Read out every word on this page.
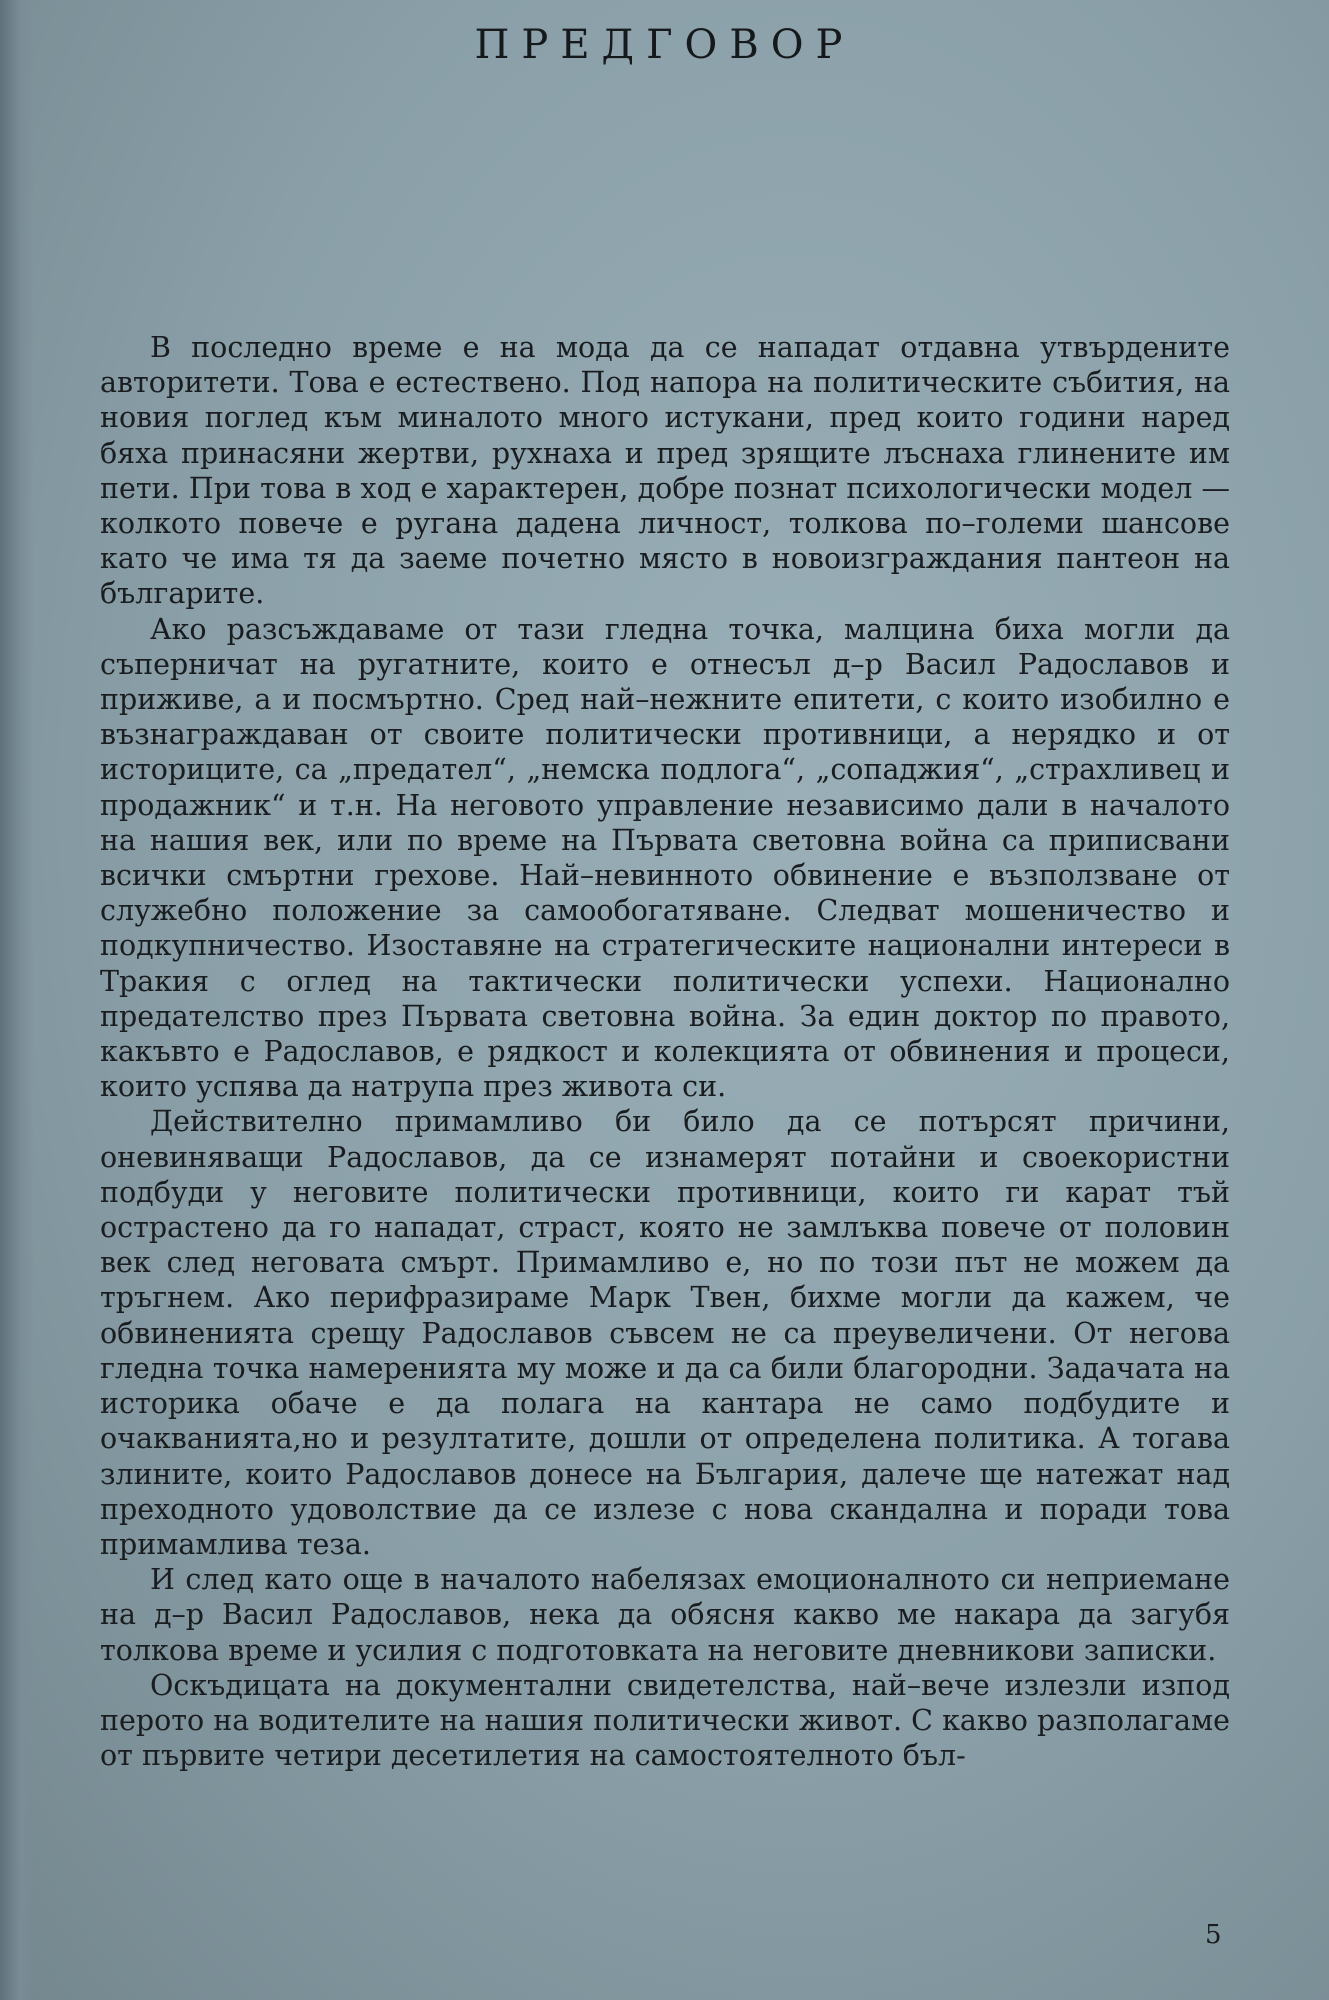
ПРЕДГОВОР

В последно време е на мода да се нападат отдавна утвърдените авторитети. Това е естествено. Под напора на политическите събития, на новия поглед към миналото много истукани, пред които години наред бяха принасяни жертви, рухнаха и пред зрящите лъснаха глинените им пети. При това в ход е характерен, добре познат психологически модел — колкото повече е ругана дадена личност, толкова по–големи шансове като че има тя да заеме почетно място в новоизграждания пантеон на българите.

Ако разсъждаваме от тази гледна точка, малцина биха могли да съперничат на ругатните, които е отнесъл д–р Васил Радославов и приживе, а и посмъртно. Сред най–нежните епитети, с които изобилно е възнаграждаван от своите политически противници, а нерядко и от историците, са „предател“, „немска подлога“, „сопаджия“, „страхливец и продажник“ и т.н. На неговото управление независимо дали в началото на нашия век, или по време на Първата световна война са приписвани всички смъртни грехове. Най–невинното обвинение е възползване от служебно положение за самообогатяване. Следват мошеничество и подкупничество. Изоставяне на стратегическите национални интереси в Тракия с оглед на тактически политически успехи. Национално предателство през Първата световна война. За един доктор по правото, какъвто е Радославов, е рядкост и колекцията от обвинения и процеси, които успява да натрупа през живота си.

Действително примамливо би било да се потърсят причини, оневиняващи Радославов, да се изнамерят потайни и своекористни подбуди у неговите политически противници, които ги карат тъй острастено да го нападат, страст, която не замлъква повече от половин век след неговата смърт. Примамливо е, но по този път не можем да тръгнем. Ако перифразираме Марк Твен, бихме могли да кажем, че обвиненията срещу Радославов съвсем не са преувеличени. От негова гледна точка намеренията му може и да са били благородни. Задачата на историка обаче е да полага на кантара не само подбудите и очакванията,но и резултатите, дошли от определена политика. А тогава злините, които Радославов донесе на България, далече ще натежат над преходното удоволствие да се излезе с нова скандална и поради това примамлива теза.

И след като още в началото набелязах емоционалното си неприемане на д–р Васил Радославов, нека да обясня какво ме накара да загубя толкова време и усилия с подготовката на неговите дневникови записки.

Оскъдицата на документални свидетелства, най–вече излезли изпод перото на водителите на нашия политически живот. С какво разполагаме от първите четири десетилетия на самостоятелното бъл-

5
